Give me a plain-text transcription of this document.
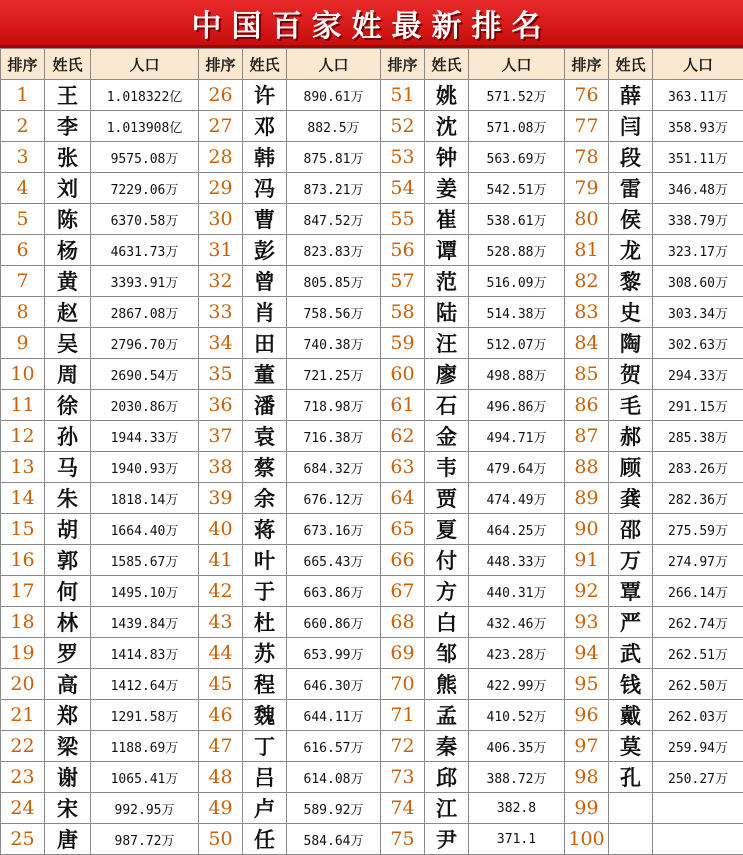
中国百家姓最新排名
排序	姓氏	人口	排序	姓氏	人口	排序	姓氏	人口	排序	姓氏	人口
1	王	1.018322亿	26	许	890.61万	51	姚	571.52万	76	薛	363.11万
2	李	1.013908亿	27	邓	882.5万	52	沈	571.08万	77	闫	358.93万
3	张	9575.08万	28	韩	875.81万	53	钟	563.69万	78	段	351.11万
4	刘	7229.06万	29	冯	873.21万	54	姜	542.51万	79	雷	346.48万
5	陈	6370.58万	30	曹	847.52万	55	崔	538.61万	80	侯	338.79万
6	杨	4631.73万	31	彭	823.83万	56	谭	528.88万	81	龙	323.17万
7	黄	3393.91万	32	曾	805.85万	57	范	516.09万	82	黎	308.60万
8	赵	2867.08万	33	肖	758.56万	58	陆	514.38万	83	史	303.34万
9	吴	2796.70万	34	田	740.38万	59	汪	512.07万	84	陶	302.63万
10	周	2690.54万	35	董	721.25万	60	廖	498.88万	85	贺	294.33万
11	徐	2030.86万	36	潘	718.98万	61	石	496.86万	86	毛	291.15万
12	孙	1944.33万	37	袁	716.38万	62	金	494.71万	87	郝	285.38万
13	马	1940.93万	38	蔡	684.32万	63	韦	479.64万	88	顾	283.26万
14	朱	1818.14万	39	余	676.12万	64	贾	474.49万	89	龚	282.36万
15	胡	1664.40万	40	蒋	673.16万	65	夏	464.25万	90	邵	275.59万
16	郭	1585.67万	41	叶	665.43万	66	付	448.33万	91	万	274.97万
17	何	1495.10万	42	于	663.86万	67	方	440.31万	92	覃	266.14万
18	林	1439.84万	43	杜	660.86万	68	白	432.46万	93	严	262.74万
19	罗	1414.83万	44	苏	653.99万	69	邹	423.28万	94	武	262.51万
20	高	1412.64万	45	程	646.30万	70	熊	422.99万	95	钱	262.50万
21	郑	1291.58万	46	魏	644.11万	71	孟	410.52万	96	戴	262.03万
22	梁	1188.69万	47	丁	616.57万	72	秦	406.35万	97	莫	259.94万
23	谢	1065.41万	48	吕	614.08万	73	邱	388.72万	98	孔	250.27万
24	宋	992.95万	49	卢	589.92万	74	江	382.8	99		
25	唐	987.72万	50	任	584.64万	75	尹	371.1	100		
